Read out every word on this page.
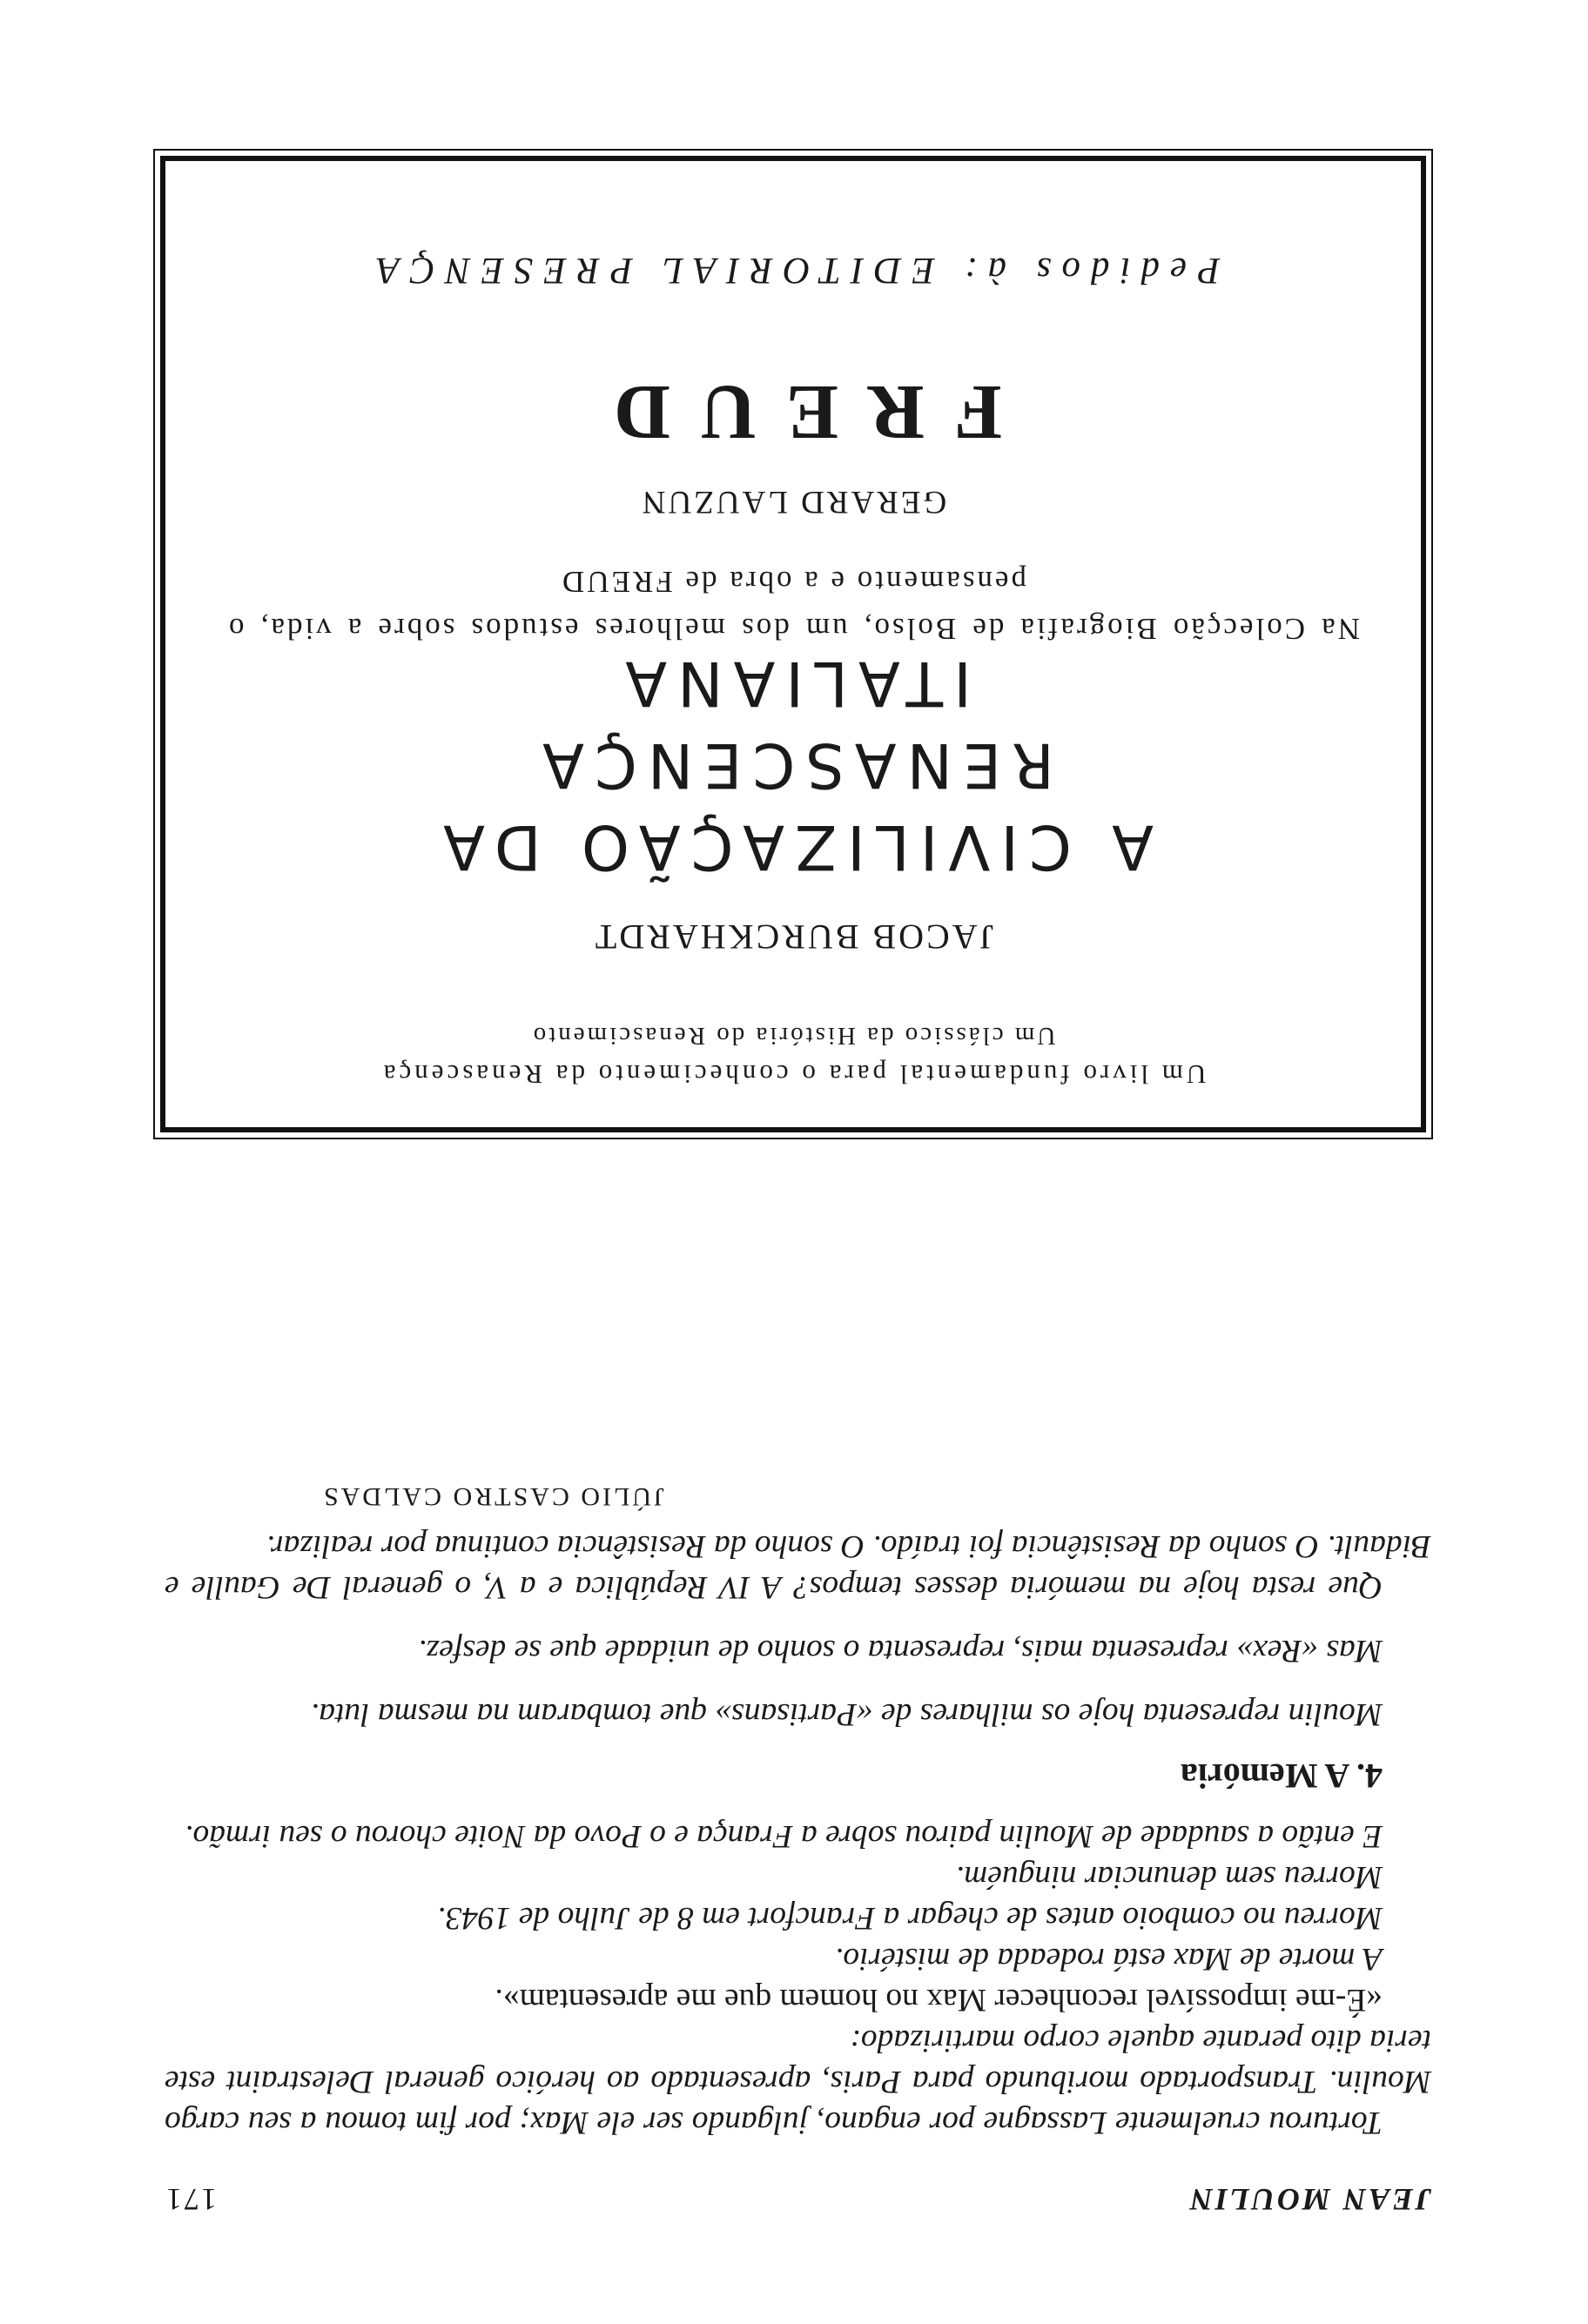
JEAN MOULIN
171

Torturou cruelmente Lassagne por engano, julgando ser ele Max; por fim tomou a seu cargo Moulin. Transportado moribundo para Paris, apresentado ao heróico general Delestraint este teria dito perante aquele corpo martirizado:

«É-me impossível reconhecer Max no homem que me apresentam».

A morte de Max está rodeada de mistério.

Morreu no comboio antes de chegar a Francfort em 8 de Julho de 1943.

Morreu sem denunciar ninguém.

E então a saudade de Moulin pairou sobre a França e o Povo da Noite chorou o seu irmão.

4. A Memória

Moulin representa hoje os milhares de «Partisans» que tombaram na mesma luta.

Mas «Rex» representa mais, representa o sonho de unidade que se desfez.

Que resta hoje na memória desses tempos? A IV República e a V, o general De Gaulle e Bidault. O sonho da Resistência foi traído. O sonho da Resistência continua por realizar.

JÚLIO CASTRO CALDAS

Um livro fundamental para o conhecimento da Renascença
Um clássico da História do Renascimento
JACOB BURCKHARDT
A CIVILIZAÇÃO DA RENASCENÇA
ITALIANA
Na Colecção Biografia de Bolso, um dos melhores estudos sobre a vida, o pensamento e a obra de FREUD
GERARD LAUZUN
FREUD
Pedidos à: EDITORIAL PRESENÇA
